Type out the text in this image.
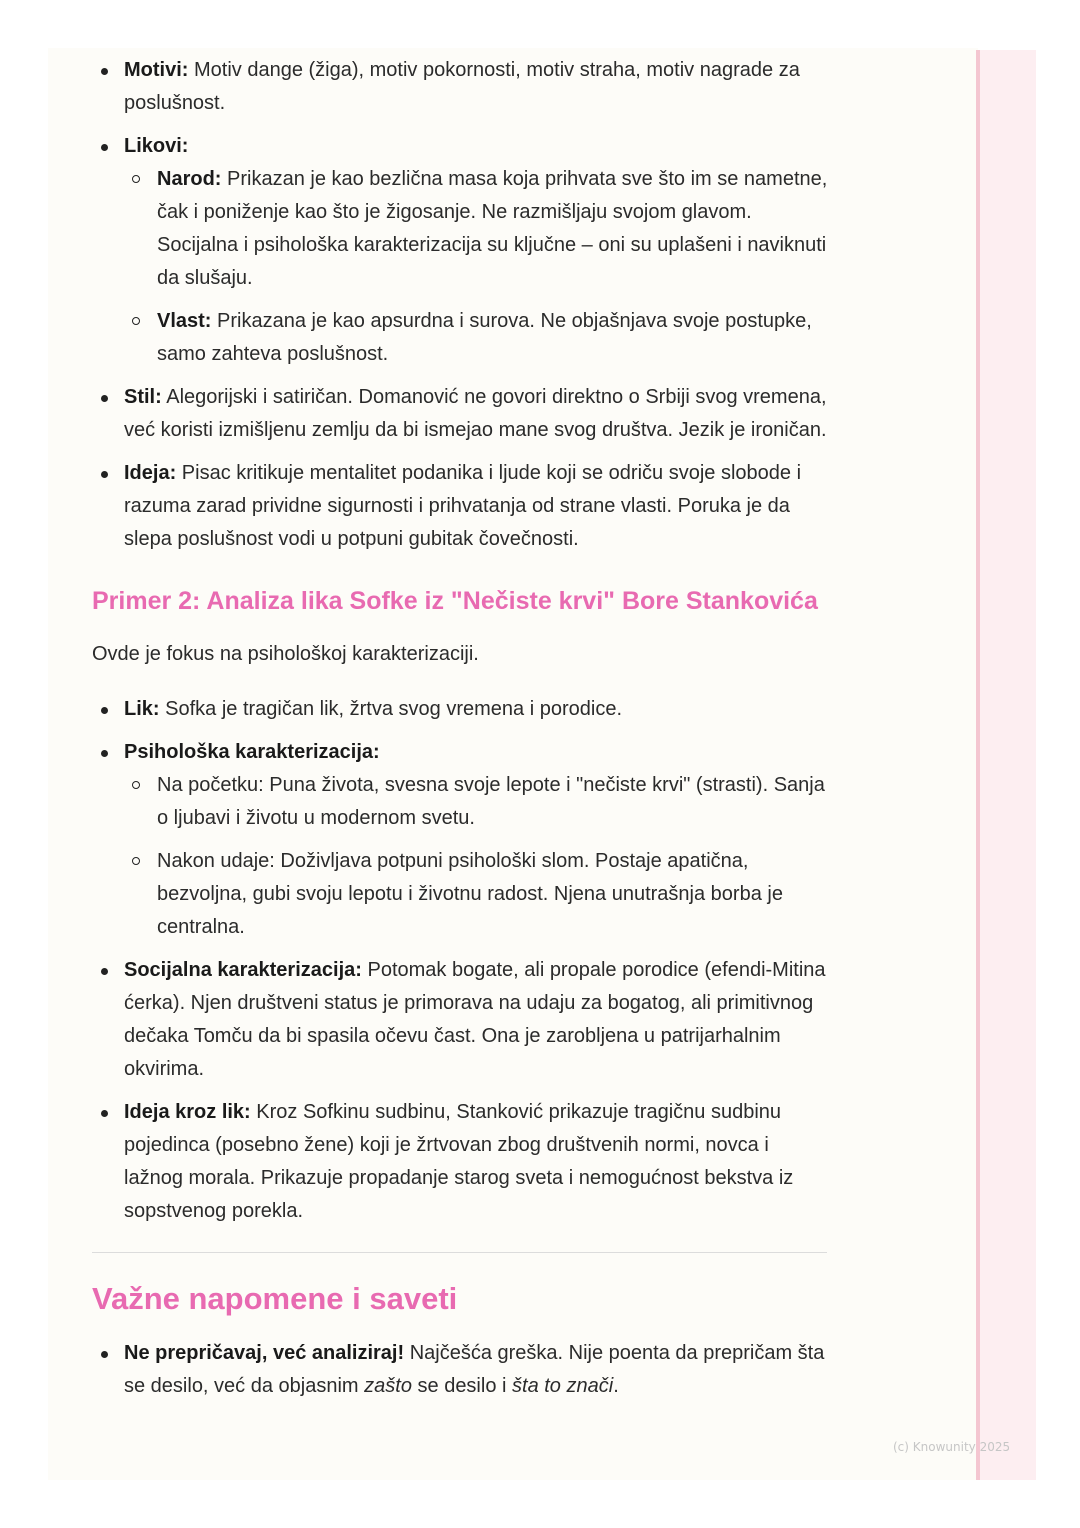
Motivi: Motiv dange (žiga), motiv pokornosti, motiv straha, motiv nagrade za poslušnost.
Likovi:
Narod: Prikazan je kao bezlična masa koja prihvata sve što im se nametne, čak i poniženje kao što je žigosanje. Ne razmišljaju svojom glavom. Socijalna i psihološka karakterizacija su ključne – oni su uplašeni i naviknuti da slušaju.
Vlast: Prikazana je kao apsurdna i surova. Ne objašnjava svoje postupke, samo zahteva poslušnost.
Stil: Alegorijski i satiričan. Domanović ne govori direktno o Srbiji svog vremena, već koristi izmišljenu zemlju da bi ismejao mane svog društva. Jezik je ironičan.
Ideja: Pisac kritikuje mentalitet podanika i ljude koji se odriču svoje slobode i razuma zarad prividne sigurnosti i prihvatanja od strane vlasti. Poruka je da slepa poslušnost vodi u potpuni gubitak čovečnosti.
Primer 2: Analiza lika Sofke iz "Nečiste krvi" Bore Stankovića

Ovde je fokus na psihološkoj karakterizaciji.

Lik: Sofka je tragičan lik, žrtva svog vremena i porodice.
Psihološka karakterizacija:
Na početku: Puna života, svesna svoje lepote i "nečiste krvi" (strasti). Sanja o ljubavi i životu u modernom svetu.
Nakon udaje: Doživljava potpuni psihološki slom. Postaje apatična, bezvoljna, gubi svoju lepotu i životnu radost. Njena unutrašnja borba je centralna.
Socijalna karakterizacija: Potomak bogate, ali propale porodice (efendi-Mitina ćerka). Njen društveni status je primorava na udaju za bogatog, ali primitivnog dečaka Tomču da bi spasila očevu čast. Ona je zarobljena u patrijarhalnim okvirima.
Ideja kroz lik: Kroz Sofkinu sudbinu, Stanković prikazuje tragičnu sudbinu pojedinca (posebno žene) koji je žrtvovan zbog društvenih normi, novca i lažnog morala. Prikazuje propadanje starog sveta i nemogućnost bekstva iz sopstvenog porekla.
Važne napomene i saveti
Ne prepričavaj, već analiziraj! Najčešća greška. Nije poenta da prepričam šta se desilo, već da objasnim zašto se desilo i šta to znači.
(c) Knowunity 2025
